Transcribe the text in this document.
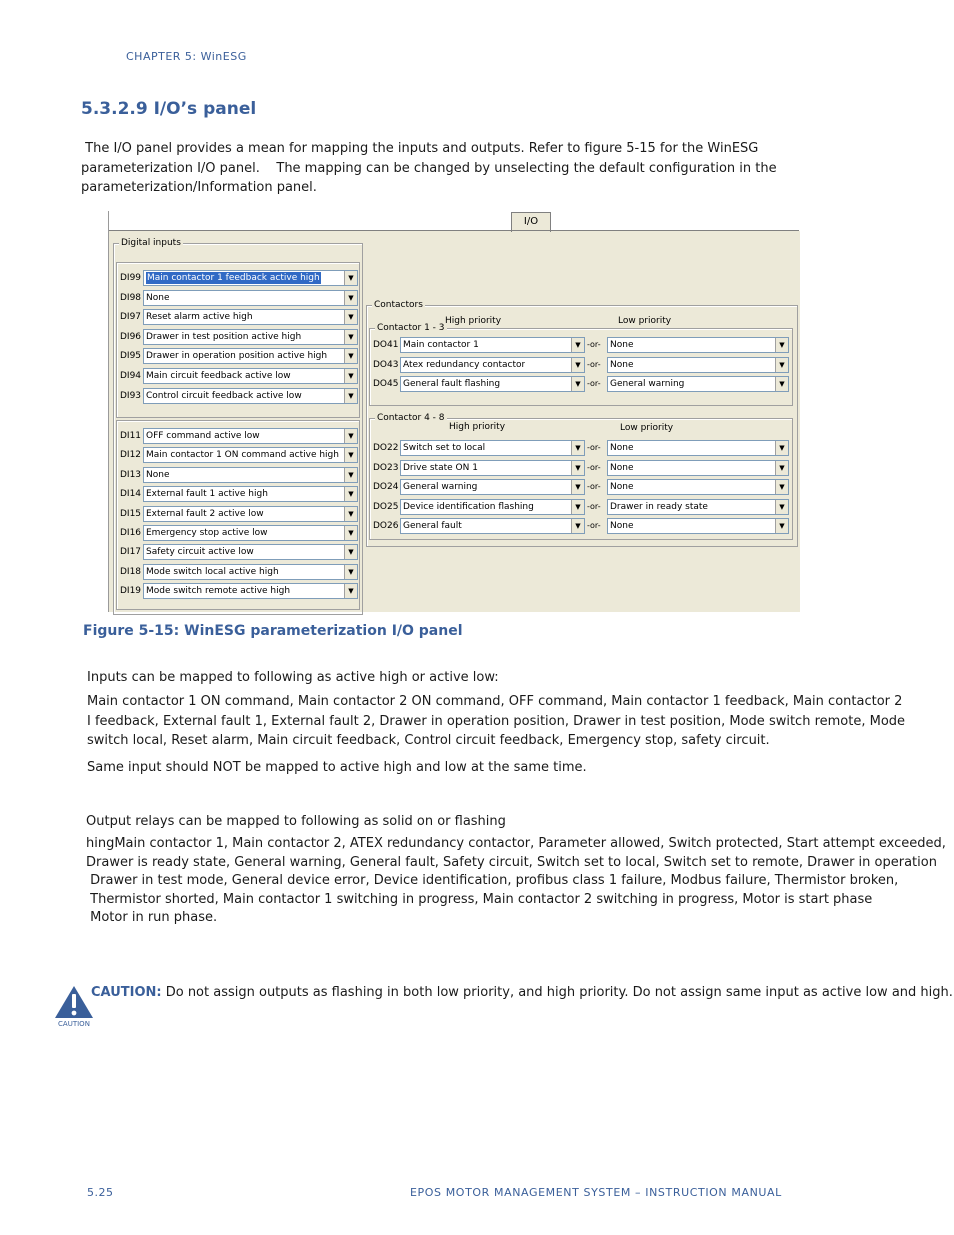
CHAPTER 5: WinESG
5.3.2.9 I/O’s panel

The I/O panel provides a mean for mapping the inputs and outputs. Refer to figure 5-15 for the WinESG

parameterization I/O panel.    The mapping can be changed by unselecting the default configuration in the

parameterization/Information panel.

I/O
Digital inputs
DI99 Main contactor 1 feedback active high	▼
DI98 None	▼
DI97 Reset alarm active high	▼
DI96 Drawer in test position active high	▼
DI95 Drawer in operation position active high	▼
DI94 Main circuit feedback active low	▼
DI93 Control circuit feedback active low	▼
DI11 OFF command active low	▼
DI12 Main contactor 1 ON command active high	▼
DI13 None	▼
DI14 External fault 1 active high	▼
DI15 External fault 2 active low	▼
DI16 Emergency stop active low	▼
DI17 Safety circuit active low	▼
DI18 Mode switch local active high	▼
DI19 Mode switch remote active high	▼
Contactors
Contactor 1 - 3
High priority	Low priority
DO41 Main contactor 1	▼ -or- None	▼
DO43 Atex redundancy contactor	▼ -or- None	▼
DO45 General fault flashing	▼ -or- General warning	▼
Contactor 4 - 8
High priority	Low priority
DO22 Switch set to local	▼ -or- None	▼
DO23 Drive state ON 1	▼ -or- None	▼
DO24 General warning	▼ -or- None	▼
DO25 Device identification flashing	▼ -or- Drawer in ready state	▼
DO26 General fault	▼ -or- None	▼
Figure 5-15: WinESG parameterization I/O panel
Inputs can be mapped to following as active high or active low:
Main contactor 1 ON command, Main contactor 2 ON command, OFF command, Main contactor 1 feedback, Main contactor 2 I feedback, External fault 1, External fault 2, Drawer in operation position, Drawer in test position, Mode switch remote, Mode switch local, Reset alarm, Main circuit feedback, Control circuit feedback, Emergency stop, safety circuit.
Same input should NOT be mapped to active high and low at the same time.
Output relays can be mapped to following as solid on or flashing
hingMain contactor 1, Main contactor 2, ATEX redundancy contactor, Parameter allowed, Switch protected, Start attempt exceeded,
Drawer is ready state, General warning, General fault, Safety circuit, Switch set to local, Switch set to remote, Drawer in operation
Drawer in test mode, General device error, Device identification, profibus class 1 failure, Modbus failure, Thermistor broken,
Thermistor shorted, Main contactor 1 switching in progress, Main contactor 2 switching in progress, Motor is start phase
Motor in run phase.
CAUTION
CAUTION: Do not assign outputs as flashing in both low priority, and high priority. Do not assign same input as active low and high.
5.25	EPOS MOTOR MANAGEMENT SYSTEM – INSTRUCTION MANUAL
